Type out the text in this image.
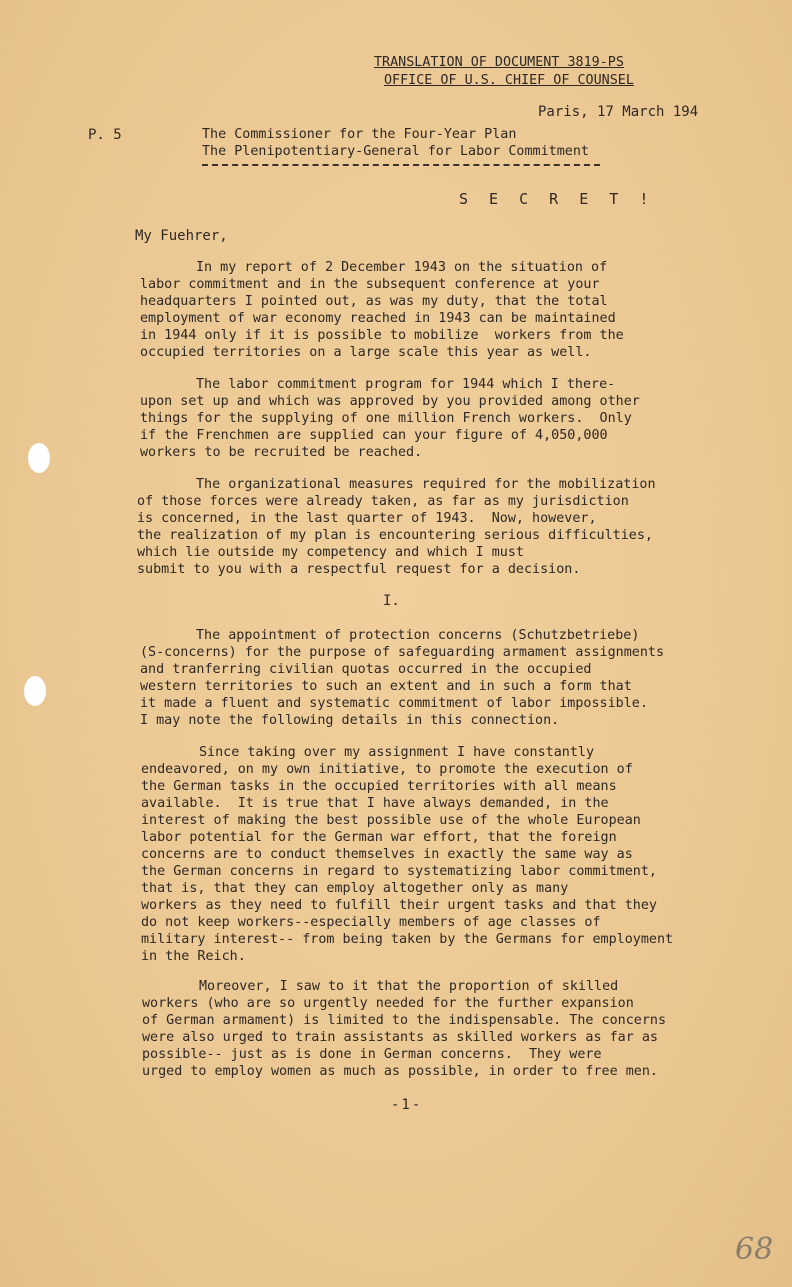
TRANSLATION OF DOCUMENT 3819-PS
OFFICE OF U.S. CHIEF OF COUNSEL
Paris, 17 March 194
P. 5	The Commissioner for the Four-Year Plan
The Plenipotentiary-General for Labor Commitment
S E C R E T !
My Fuehrer,
In my report of 2 December 1943 on the situation of
labor commitment and in the subsequent conference at your
headquarters I pointed out, as was my duty, that the total
employment of war economy reached in 1943 can be maintained
in 1944 only if it is possible to mobilize  workers from the
occupied territories on a large scale this year as well.
The labor commitment program for 1944 which I there-
upon set up and which was approved by you provided among other
things for the supplying of one million French workers.  Only
if the Frenchmen are supplied can your figure of 4,050,000
workers to be recruited be reached.
The organizational measures required for the mobilization
of those forces were already taken, as far as my jurisdiction
is concerned, in the last quarter of 1943.  Now, however,
the realization of my plan is encountering serious difficulties,
which lie outside my competency and which I must
submit to you with a respectful request for a decision.
I.
The appointment of protection concerns (Schutzbetriebe)
(S-concerns) for the purpose of safeguarding armament assignments
and tranferring civilian quotas occurred in the occupied
western territories to such an extent and in such a form that
it made a fluent and systematic commitment of labor impossible.
I may note the following details in this connection.
Since taking over my assignment I have constantly
endeavored, on my own initiative, to promote the execution of
the German tasks in the occupied territories with all means
available.  It is true that I have always demanded, in the
interest of making the best possible use of the whole European
labor potential for the German war effort, that the foreign
concerns are to conduct themselves in exactly the same way as
the German concerns in regard to systematizing labor commitment,
that is, that they can employ altogether only as many
workers as they need to fulfill their urgent tasks and that they
do not keep workers--especially members of age classes of
military interest-- from being taken by the Germans for employment
in the Reich.
Moreover, I saw to it that the proportion of skilled
workers (who are so urgently needed for the further expansion
of German armament) is limited to the indispensable. The concerns
were also urged to train assistants as skilled workers as far as
possible-- just as is done in German concerns.  They were
urged to employ women as much as possible, in order to free men.
-1-
68
